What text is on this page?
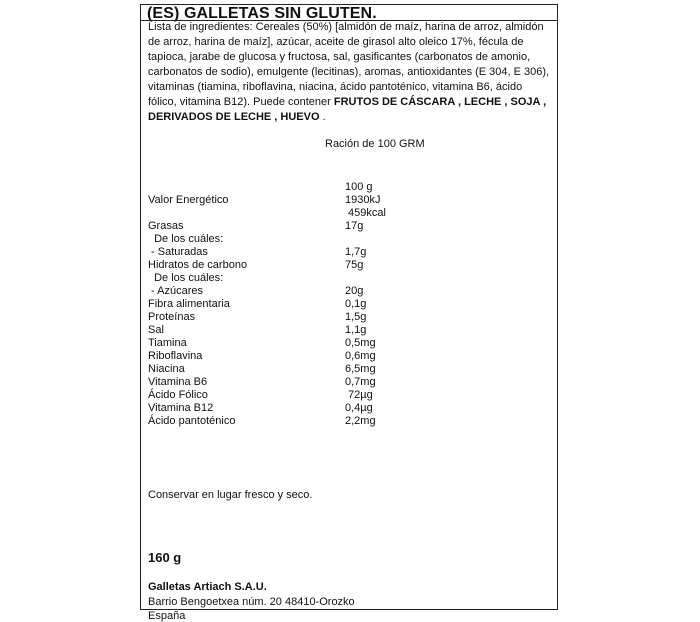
(ES) GALLETAS SIN GLUTEN.
Lista de ingredientes: Cereales (50%) [almidón de maíz, harina de arroz, almidón de arroz, harina de maíz], azúcar, aceite de girasol alto oleico 17%, fécula de tapioca, jarabe de glucosa y fructosa, sal, gasificantes (carbonatos de amonio, carbonatos de sodio), emulgente (lecitinas), aromas, antioxidantes (E 304, E 306), vitaminas (tiamina, riboflavina, niacina, ácido pantoténico, vitamina B6, ácido fólico, vitamina B12). Puede contener FRUTOS DE CÁSCARA , LECHE , SOJA , DERIVADOS DE LECHE , HUEVO .
Ración de 100 GRM
100 g
Valor Energético	1930kJ
459kcal
Grasas	17g
De los cuáles:
- Saturadas	1,7g
Hidratos de carbono	75g
De los cuáles:
- Azúcares	20g
Fibra alimentaria	0,1g
Proteínas	1,5g
Sal	1,1g
Tiamina	0,5mg
Riboflavina	0,6mg
Niacina	6,5mg
Vitamina B6	0,7mg
Ácido Fólico	72µg
Vitamina B12	0,4µg
Ácido pantoténico	2,2mg
Conservar en lugar fresco y seco.
160 g
Galletas Artiach S.A.U.
Barrio Bengoetxea núm. 20 48410-Orozko
España
